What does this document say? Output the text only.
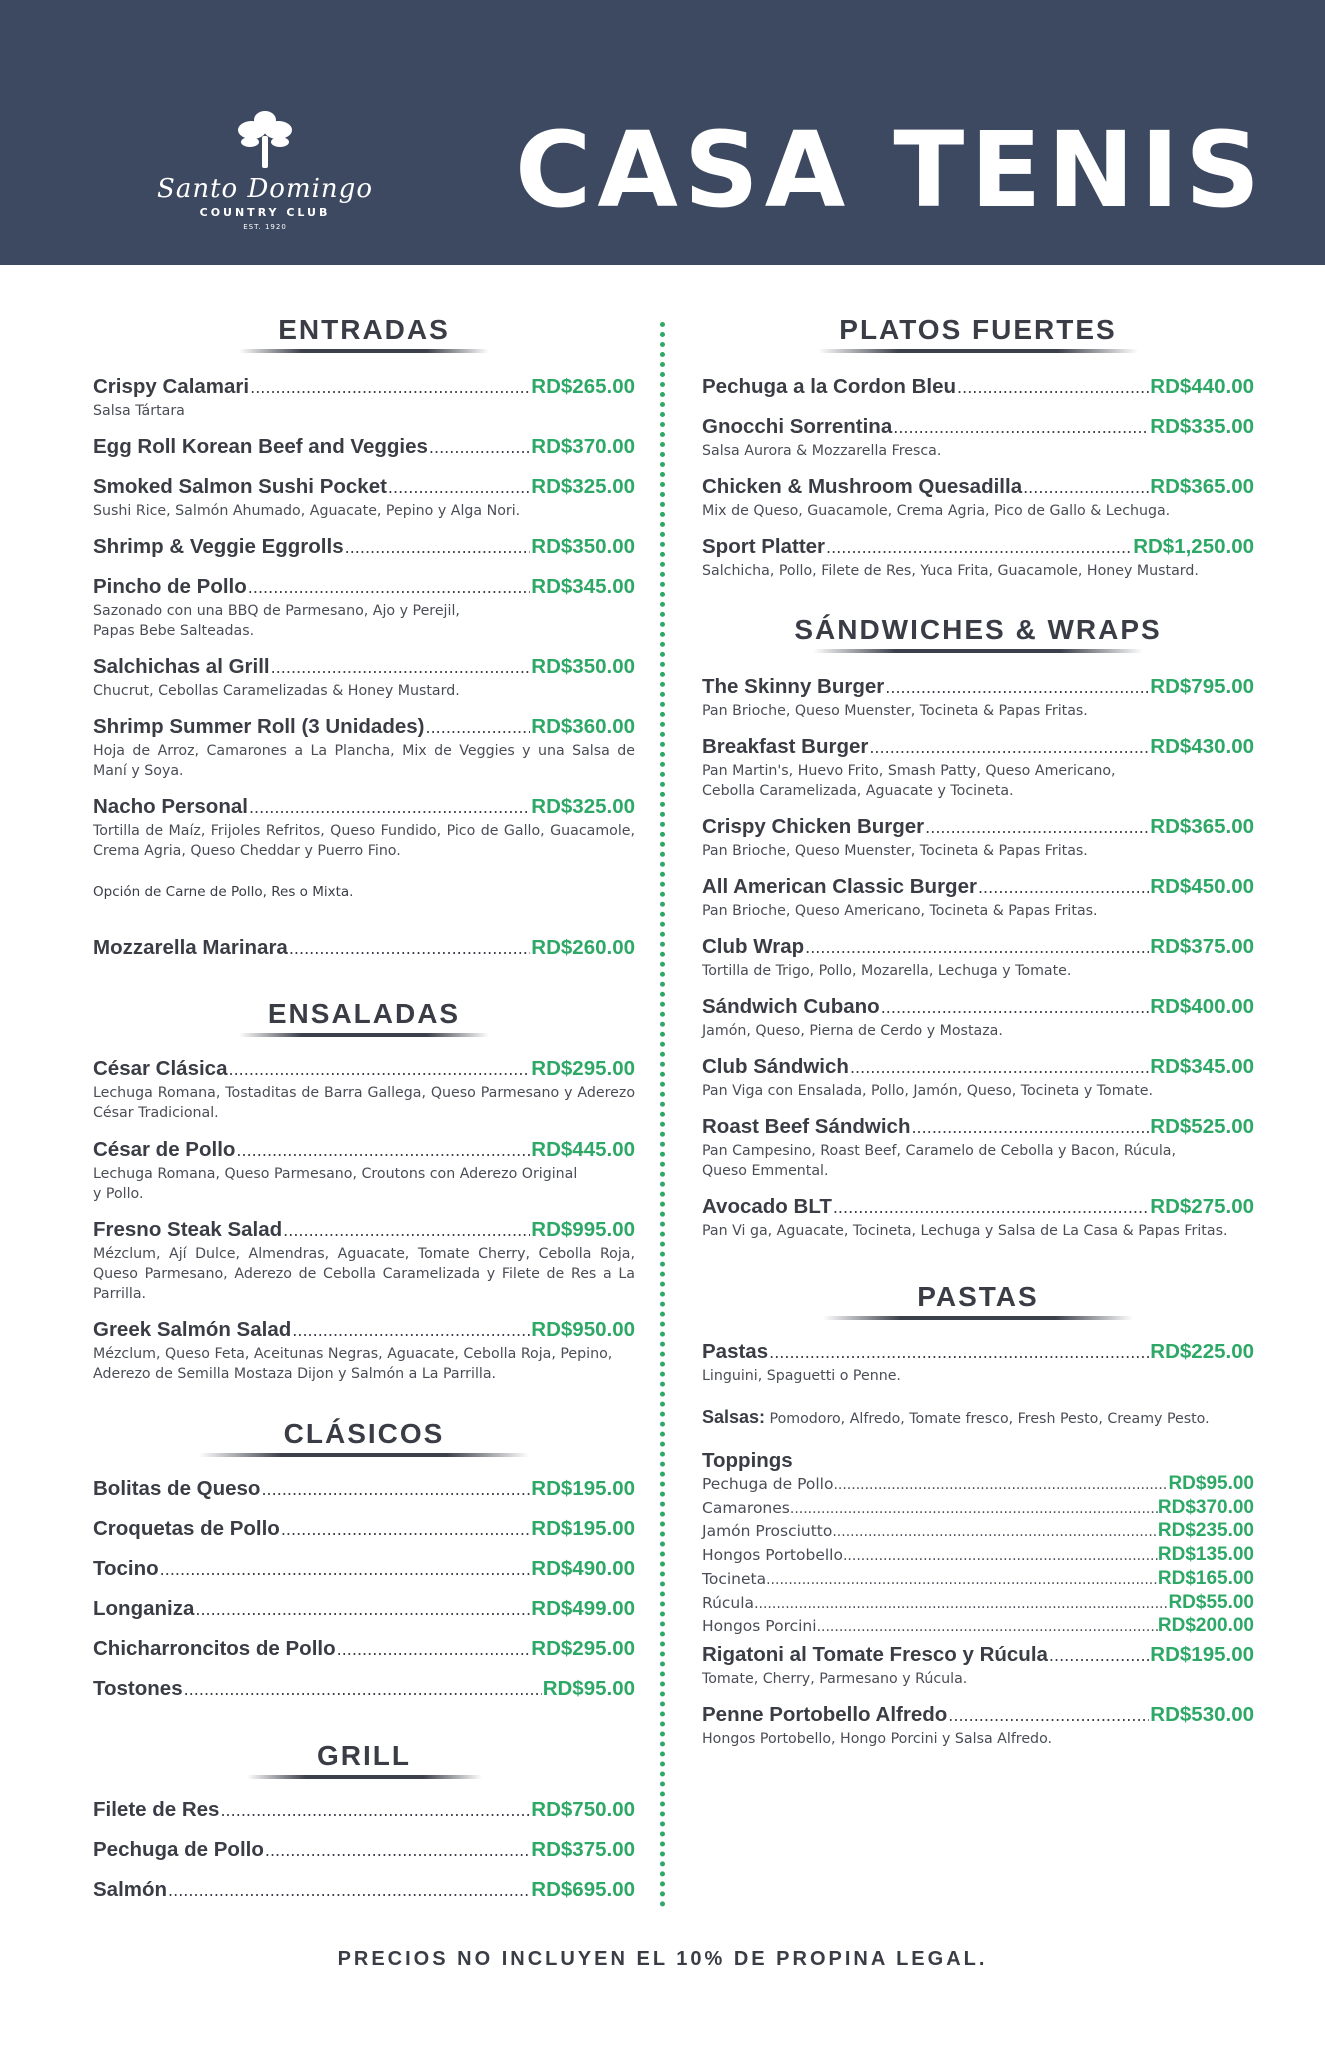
Santo Domingo
COUNTRY CLUB
EST. 1920	CASA TENIS
ENTRADAS
Crispy Calamari .....	RD$265.00
Salsa Tártara
Egg Roll Korean Beef and Veggies .....	RD$370.00
Smoked Salmon Sushi Pocket .....	RD$325.00
Sushi Rice, Salmón Ahumado, Aguacate, Pepino y Alga Nori.
Shrimp & Veggie Eggrolls .....	RD$350.00
Pincho de Pollo .....	RD$345.00
Sazonado con una BBQ de Parmesano, Ajo y Perejil,
Papas Bebe Salteadas.
Salchichas al Grill .....	RD$350.00
Chucrut, Cebollas Caramelizadas & Honey Mustard.
Shrimp Summer Roll (3 Unidades) .....	RD$360.00
Hoja de Arroz, Camarones a La Plancha, Mix de Veggies y una Salsa de Maní y Soya.
Nacho Personal .....	RD$325.00
Tortilla de Maíz, Frijoles Refritos, Queso Fundido, Pico de Gallo, Guacamole, Crema Agria, Queso Cheddar y Puerro Fino.
Opción de Carne de Pollo, Res o Mixta.
Mozzarella Marinara .....	RD$260.00
ENSALADAS
César Clásica .....	RD$295.00
Lechuga Romana, Tostaditas de Barra Gallega, Queso Parmesano y Aderezo César Tradicional.
César de Pollo .....	RD$445.00
Lechuga Romana, Queso Parmesano, Croutons con Aderezo Original
y Pollo.
Fresno Steak Salad .....	RD$995.00
Mézclum, Ají Dulce, Almendras, Aguacate, Tomate Cherry, Cebolla Roja, Queso Parmesano, Aderezo de Cebolla Caramelizada y Filete de Res a La Parrilla.
Greek Salmón Salad .....	RD$950.00
Mézclum, Queso Feta, Aceitunas Negras, Aguacate, Cebolla Roja, Pepino, Aderezo de Semilla Mostaza Dijon y Salmón a La Parrilla.
CLÁSICOS
Bolitas de Queso .....	RD$195.00
Croquetas de Pollo .....	RD$195.00
Tocino .....	RD$490.00
Longaniza .....	RD$499.00
Chicharroncitos de Pollo .....	RD$295.00
Tostones .....	RD$95.00
GRILL
Filete de Res .....	RD$750.00
Pechuga de Pollo .....	RD$375.00
Salmón .....	RD$695.00
PLATOS FUERTES
Pechuga a la Cordon Bleu .....	RD$440.00
Gnocchi Sorrentina .....	RD$335.00
Salsa Aurora & Mozzarella Fresca.
Chicken & Mushroom Quesadilla .....	RD$365.00
Mix de Queso, Guacamole, Crema Agria, Pico de Gallo & Lechuga.
Sport Platter .....	RD$1,250.00
Salchicha, Pollo, Filete de Res, Yuca Frita, Guacamole, Honey Mustard.
SÁNDWICHES & WRAPS
The Skinny Burger .....	RD$795.00
Pan Brioche, Queso Muenster, Tocineta & Papas Fritas.
Breakfast Burger .....	RD$430.00
Pan Martin's, Huevo Frito, Smash Patty, Queso Americano,
Cebolla Caramelizada, Aguacate y Tocineta.
Crispy Chicken Burger .....	RD$365.00
Pan Brioche, Queso Muenster, Tocineta & Papas Fritas.
All American Classic Burger .....	RD$450.00
Pan Brioche, Queso Americano, Tocineta & Papas Fritas.
Club Wrap .....	RD$375.00
Tortilla de Trigo, Pollo, Mozarella, Lechuga y Tomate.
Sándwich Cubano .....	RD$400.00
Jamón, Queso, Pierna de Cerdo y Mostaza.
Club Sándwich .....	RD$345.00
Pan Viga con Ensalada, Pollo, Jamón, Queso, Tocineta y Tomate.
Roast Beef Sándwich .....	RD$525.00
Pan Campesino, Roast Beef, Caramelo de Cebolla y Bacon, Rúcula,
Queso Emmental.
Avocado BLT .....	RD$275.00
Pan Vi ga, Aguacate, Tocineta, Lechuga y Salsa de La Casa & Papas Fritas.
PASTAS
Pastas .....	RD$225.00
Linguini, Spaguetti o Penne.
Salsas: Pomodoro, Alfredo, Tomate fresco, Fresh Pesto, Creamy Pesto.
Toppings
Pechuga de Pollo .....	RD$95.00
Camarones .....	RD$370.00
Jamón Prosciutto .....	RD$235.00
Hongos Portobello .....	RD$135.00
Tocineta .....	RD$165.00
Rúcula .....	RD$55.00
Hongos Porcini .....	RD$200.00
Rigatoni al Tomate Fresco y Rúcula .....	RD$195.00
Tomate, Cherry, Parmesano y Rúcula.
Penne Portobello Alfredo .....	RD$530.00
Hongos Portobello, Hongo Porcini y Salsa Alfredo.
PRECIOS NO INCLUYEN EL 10% DE PROPINA LEGAL.
